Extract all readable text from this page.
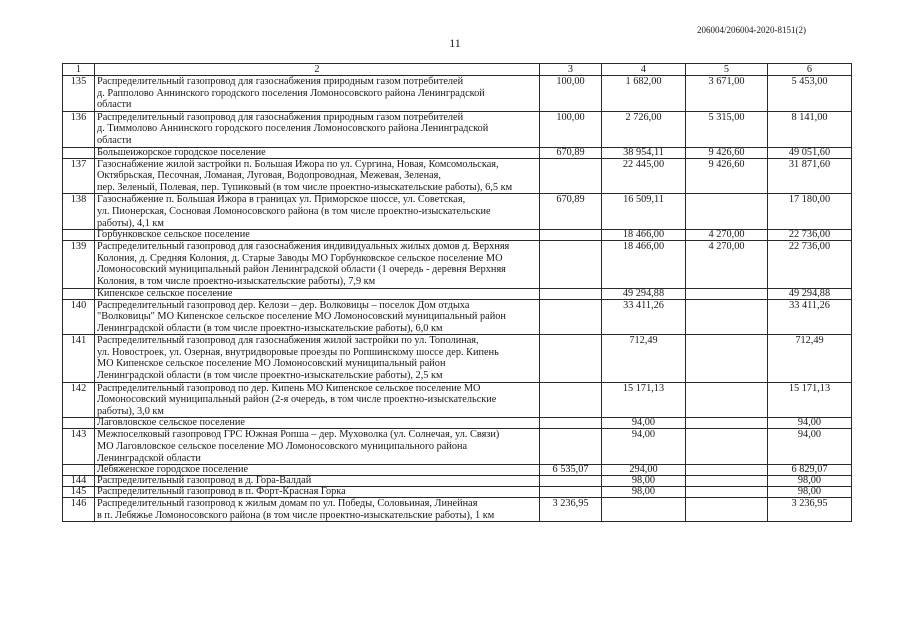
206004/206004-2020-8151(2)
11
1	2	3	4	5	6
135	Распределительный газопровод для газоснабжения природным газом потребителей
д. Рапполово Аннинского городского поселения Ломоносовского района Ленинградской
области	100,00	1 682,00	3 671,00	5 453,00
136	Распределительный газопровод для газоснабжения природным газом потребителей
д. Тиммолово Аннинского городского поселения Ломоносовского района Ленинградской
области	100,00	2 726,00	5 315,00	8 141,00
	Большеижорское городское поселение	670,89	38 954,11	9 426,60	49 051,60
137	Газоснабжение жилой застройки п. Большая Ижора по ул. Сургина, Новая, Комсомольская,
Октябрьская, Песочная, Ломаная, Луговая, Водопроводная, Межевая, Зеленая,
пер. Зеленый, Полевая, пер. Тупиковый (в том числе проектно-изыскательские работы), 6,5 км		22 445,00	9 426,60	31 871,60
138	Газоснабжение п. Большая Ижора в границах ул. Приморское шоссе, ул. Советская,
ул. Пионерская, Сосновая Ломоносовского района (в том числе проектно-изыскательские
работы), 4,1 км	670,89	16 509,11		17 180,00
	Горбунковское сельское поселение		18 466,00	4 270,00	22 736,00
139	Распределительный газопровод для газоснабжения индивидуальных жилых домов д. Верхняя
Колония, д. Средняя Колония, д. Старые Заводы МО Горбунковское сельское поселение МО
Ломоносовский муниципальный район Ленинградской области (1 очередь - деревня Верхняя
Колония, в том числе проектно-изыскательские работы), 7,9 км		18 466,00	4 270,00	22 736,00
	Кипенское сельское поселение		49 294,88		49 294,88
140	Распределительный газопровод дер. Келози – дер. Волковицы – поселок Дом отдыха
"Волковицы" МО Кипенское сельское поселение МО Ломоносовский муниципальный район
Ленинградской области (в том числе проектно-изыскательские работы), 6,0 км		33 411,26		33 411,26
141	Распределительный газопровод для газоснабжения жилой застройки по ул. Тополиная,
ул. Новостроек, ул. Озерная, внутридворовые проезды по Ропшинскому шоссе дер. Кипень
МО Кипенское сельское поселение МО Ломоносовский муниципальный район
Ленинградской области (в том числе проектно-изыскательские работы), 2,5 км		712,49		712,49
142	Распределительный газопровод по дер. Кипень МО Кипенское сельское поселение МО
Ломоносовский муниципальный район (2-я очередь, в том числе проектно-изыскательские
работы), 3,0 км		15 171,13		15 171,13
	Лаговловское сельское поселение		94,00		94,00
143	Межпоселковый газопровод ГРС Южная Ропша – дер. Муховолка (ул. Солнечая, ул. Связи)
МО Лаговловское сельское поселение МО Ломоносовского муниципального района
Ленинградской области		94,00		94,00
	Лебяженское городское поселение	6 535,07	294,00		6 829,07
144	Распределительный газопровод в д. Гора-Валдай		98,00		98,00
145	Распределительный газопровод в п. Форт-Красная Горка		98,00		98,00
146	Распределительный газопровод к жилым домам по ул. Победы, Соловьиная, Линейная
в п. Лебяжье Ломоносовского района (в том числе проектно-изыскательские работы), 1 км	3 236,95			3 236,95
